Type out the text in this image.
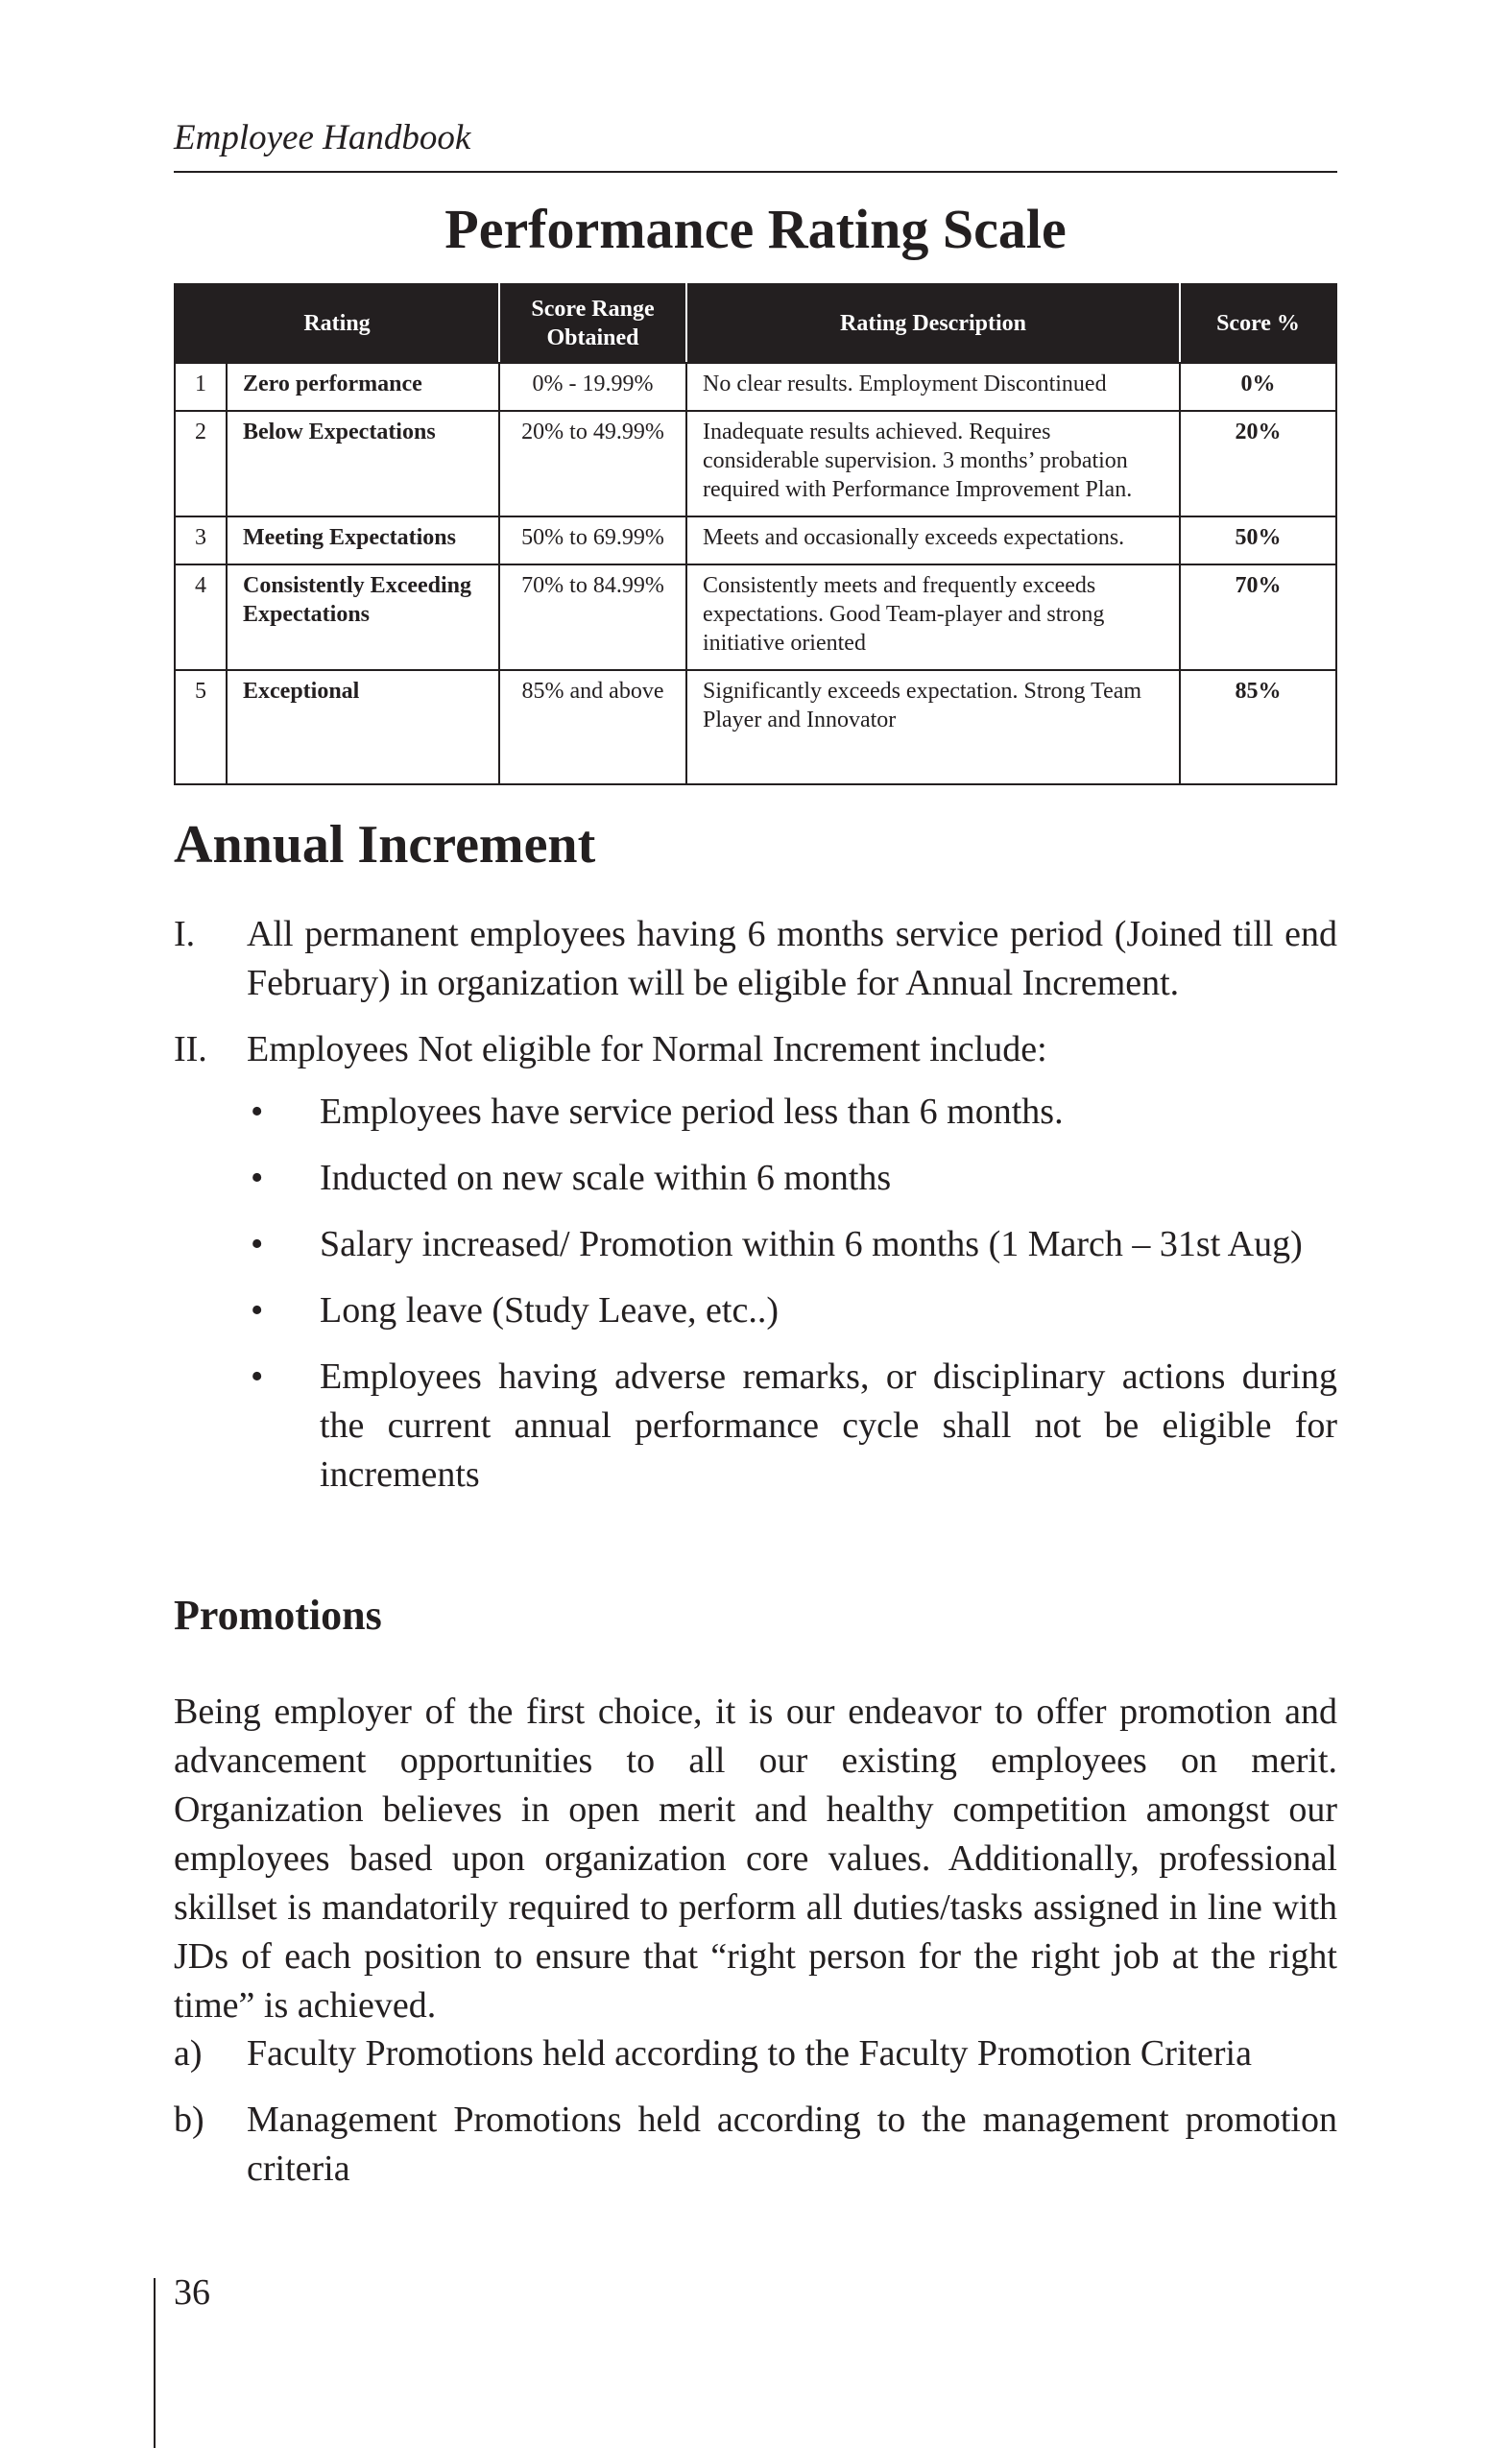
Employee Handbook
Performance Rating Scale
Rating		Score Range Obtained	Rating Description	Score %
1	Zero performance	0% - 19.99%	No clear results. Employment Discontinued	0%
2	Below Expectations	20% to 49.99%	Inadequate results achieved. Requires considerable supervision. 3 months’ probation required with Performance Improvement Plan.	20%
3	Meeting Expectations	50% to 69.99%	Meets and occasionally exceeds expectations.	50%
4	Consistently Exceeding Expectations	70% to 84.99%	Consistently meets and frequently exceeds expectations. Good Team-player and strong initiative oriented	70%
5	Exceptional	85% and above	Significantly exceeds expectation. Strong Team Player and Innovator	85%
Annual Increment
I.	All permanent employees having 6 months service period (Joined till end February) in organization will be eligible for Annual Increment.
II.	Employees Not eligible for Normal Increment include:
•	Employees have service period less than 6 months.
•	Inducted on new scale within 6 months
•	Salary increased/ Promotion within 6 months (1 March – 31st Aug)
•	Long leave (Study Leave, etc..)
•	Employees having adverse remarks, or disciplinary actions during the current annual performance cycle shall not be eligible for increments
Promotions

Being employer of the first choice, it is our endeavor to offer promotion and advancement opportunities to all our existing employees on merit. Organization believes in open merit and healthy competition amongst our employees based upon organization core values. Additionally, professional skillset is mandatorily required to perform all duties/tasks assigned in line with JDs of each position to ensure that “right person for the right job at the right time” is achieved.

a)	Faculty Promotions held according to the Faculty Promotion Criteria
b)	Management Promotions held according to the management promotion criteria
36
